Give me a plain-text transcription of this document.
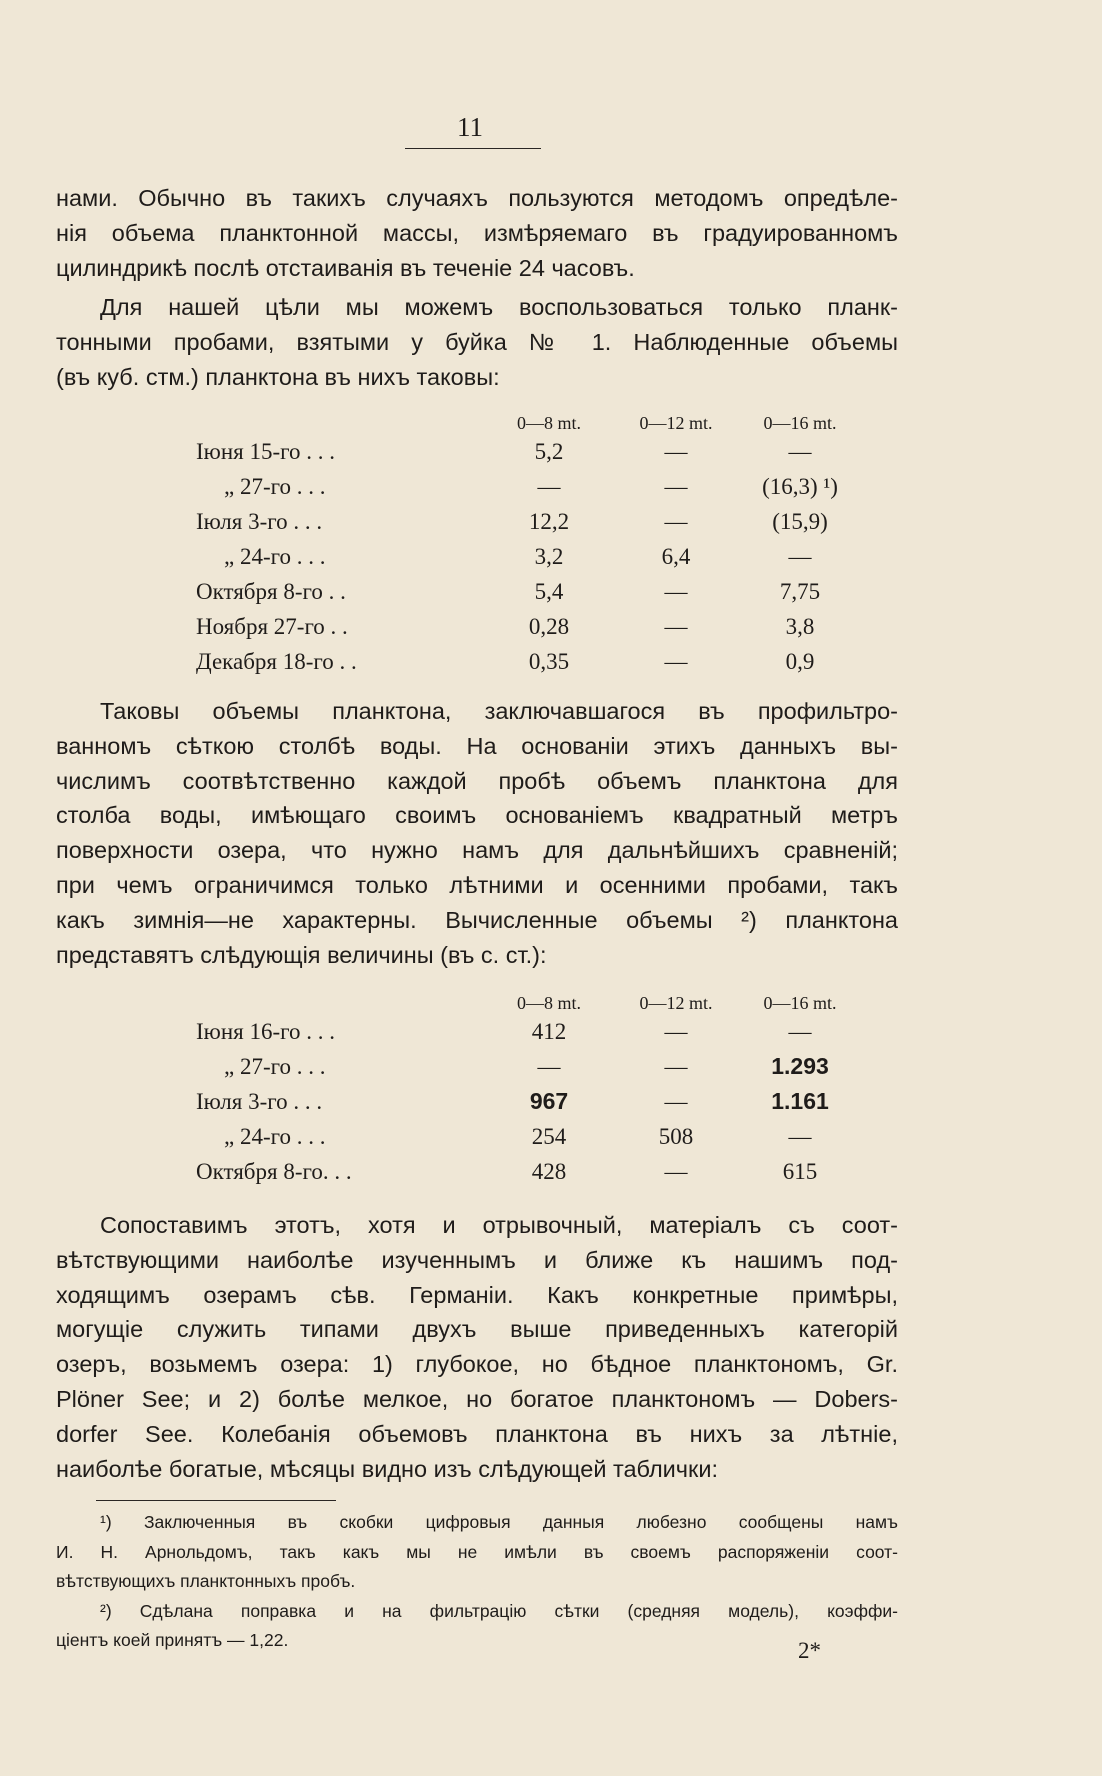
11
нами. Обычно въ такихъ случаяхъ пользуются методомъ опредѣле-
нія объема планктонной массы, измѣряемаго въ градуированномъ
цилиндрикѣ послѣ отстаиванія въ теченіе 24 часовъ.
Для нашей цѣли мы можемъ воспользоваться только планк-
тонными пробами, взятыми у буйка № 1. Наблюденные объемы
(въ куб. стм.) планктона въ нихъ таковы:
	0—8 mt.	0—12 mt.	0—16 mt.
Іюня 15-го . . .	5,2	—	—
„ 27-го . . .	—	—	(16,3) ¹)
Іюля 3-го . . .	12,2	—	(15,9)
„ 24-го . . .	3,2	6,4	—
Октября 8-го . .	5,4	—	7,75
Ноября 27-го . .	0,28	—	3,8
Декабря 18-го . .	0,35	—	0,9
Таковы объемы планктона, заключавшагося въ профильтро-
ванномъ сѣткою столбѣ воды. На основаніи этихъ данныхъ вы-
числимъ соотвѣтственно каждой пробѣ объемъ планктона для
столба воды, имѣющаго своимъ основаніемъ квадратный метръ
поверхности озера, что нужно намъ для дальнѣйшихъ сравненій;
при чемъ ограничимся только лѣтними и осенними пробами, такъ
какъ зимнія—не характерны. Вычисленные объемы ²) планктона
представятъ слѣдующія величины (въ с. ст.):
	0—8 mt.	0—12 mt.	0—16 mt.
Іюня 16-го . . .	412	—	—
„ 27-го . . .	—	—	1.293
Іюля 3-го . . .	967	—	1.161
„ 24-го . . .	254	508	—
Октября 8-го. . .	428	—	615
Сопоставимъ этотъ, хотя и отрывочный, матеріалъ съ соот-
вѣтствующими наиболѣе изученнымъ и ближе къ нашимъ под-
ходящимъ озерамъ сѣв. Германіи. Какъ конкретные примѣры,
могущіе служить типами двухъ выше приведенныхъ категорій
озеръ, возьмемъ озера: 1) глубокое, но бѣдное планктономъ, Gr.
Plöner See; и 2) болѣе мелкое, но богатое планктономъ — Dobers-
dorfer See. Колебанія объемовъ планктона въ нихъ за лѣтніе,
наиболѣе богатые, мѣсяцы видно изъ слѣдующей таблички:
¹) Заключенныя въ скобки цифровыя данныя любезно сообщены намъ
И. Н. Арнольдомъ, такъ какъ мы не имѣли въ своемъ распоряженіи соот-
вѣтствующихъ планктонныхъ пробъ.
²) Сдѣлана поправка и на фильтрацію сѣтки (средняя модель), коэффи-
ціентъ коей принятъ — 1,22.	2*
